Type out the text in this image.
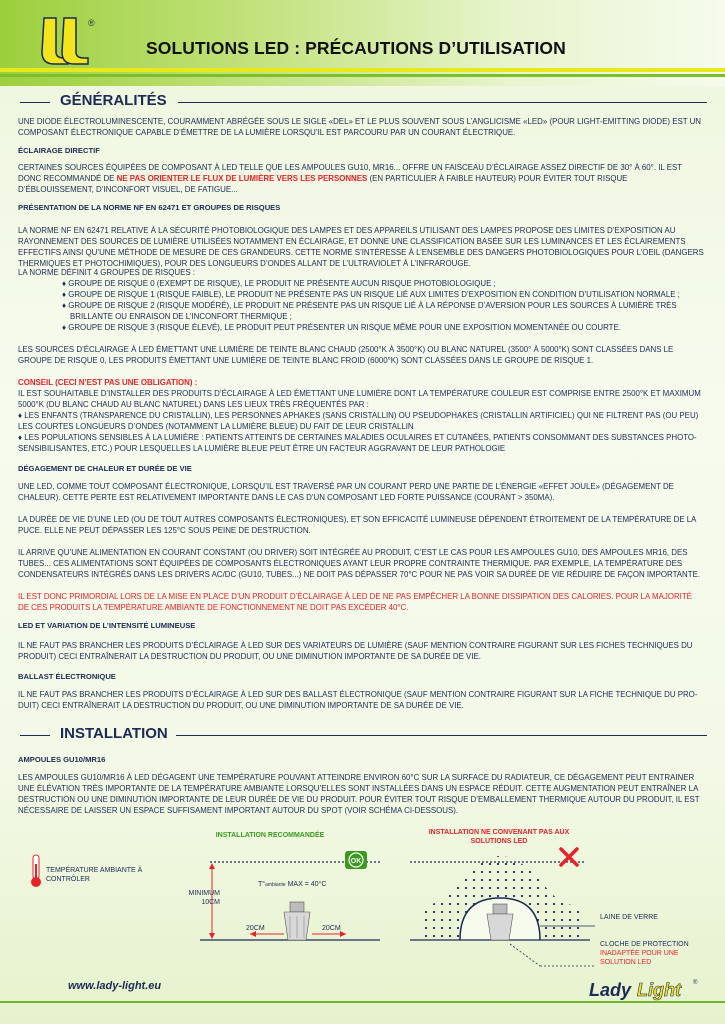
®
SOLUTIONS LED : PRÉCAUTIONS D’UTILISATION
GÉNÉRALITÉS
UNE DIODE ÉLECTROLUMINESCENTE, COURAMMENT ABRÉGÉE SOUS LE SIGLE «DEL» ET LE PLUS SOUVENT SOUS L’ANGLICISME «LED» (POUR LIGHT-EMITTING DIODE) EST UN COMPOSANT ÉLECTRONIQUE CAPABLE D’ÉMETTRE DE LA LUMIÈRE LORSQU’IL EST PARCOURU PAR UN COURANT ÉLECTRIQUE.
ÉCLAIRAGE DIRECTIF
CERTAINES SOURCES ÉQUIPÉES DE COMPOSANT À LED TELLE QUE LES AMPOULES GU10, MR16... OFFRE UN FAISCEAU D’ÉCLAIRAGE ASSEZ DIRECTIF DE 30° À 60°. IL EST DONC RECOMMANDÉ DE NE PAS ORIENTER LE FLUX DE LUMIÈRE VERS LES PERSONNES (EN PARTICULIER À FAIBLE HAUTEUR) POUR ÉVITER TOUT RISQUE D’ÉBLOUISSEMENT, D’INCONFORT VISUEL, DE FATIGUE...
PRÉSENTATION DE LA NORME NF EN 62471 ET GROUPES DE RISQUES
LA NORME NF EN 62471 RELATIVE À LA SÉCURITÉ PHOTOBIOLOGIQUE DES LAMPES ET DES APPAREILS UTILISANT DES LAMPES PROPOSE DES LIMITES D’EXPOSITION AU RAYONNEMENT DES SOURCES DE LUMIÈRE UTILISÉES NOTAMMENT EN ÉCLAIRAGE, ET DONNE UNE CLASSIFICATION BASÉE SUR LES LUMINANCES ET LES ÉCLAIREMENTS EFFECTIFS AINSI QU’UNE MÉTHODE DE MESURE DE CES GRANDEURS. CETTE NORME S’INTÉRESSE À L’ENSEMBLE DES DANGERS PHOTOBIOLOGIQUES POUR L’OEIL (DANGERS THERMIQUES ET PHOTOCHIMIQUES), POUR DES LONGUEURS D’ONDES ALLANT DE L’ULTRAVIOLET À L’INFRAROUGE.
LA NORME DÉFINIT 4 GROUPES DE RISQUES :
♦ GROUPE DE RISQUE 0 (EXEMPT DE RISQUE), LE PRODUIT NE PRÉSENTE AUCUN RISQUE PHOTOBIOLOGIQUE ;
♦ GROUPE DE RISQUE 1 (RISQUE FAIBLE), LE PRODUIT NE PRÉSENTE PAS UN RISQUE LIÉ AUX LIMITES D’EXPOSITION EN CONDITION D’UTILISATION NORMALE ;
♦ GROUPE DE RISQUE 2 (RISQUE MODÉRÉ), LE PRODUIT NE PRÉSENTE PAS UN RISQUE LIÉ À LA RÉPONSE D’AVERSION POUR LES SOURCES À LUMIÈRE TRÈS BRILLANTE OU ENRAISON DE L’INCONFORT THERMIQUE ;
♦ GROUPE DE RISQUE 3 (RISQUE ÉLEVÉ), LE PRODUIT PEUT PRÉSENTER UN RISQUE MÊME POUR UNE EXPOSITION MOMENTANÉE OU COURTE.
LES SOURCES D’ÉCLAIRAGE À LED ÉMETTANT UNE LUMIÈRE DE TEINTE BLANC CHAUD (2500°K À 3500°K) OU BLANC NATUREL (3500° À 5000°K) SONT CLASSÉES DANS LE GROUPE DE RISQUE 0, LES PRODUITS ÉMETTANT UNE LUMIÈRE DE TEINTE BLANC FROID (6000°K) SONT CLASSÉES DANS LE GROUPE DE RISQUE 1.
CONSEIL (CECI N’EST PAS UNE OBLIGATION) :
IL EST SOUHAITABLE D’INSTALLER DES PRODUITS D’ÉCLAIRAGE À LED ÉMETTANT UNE LUMIÈRE DONT LA TEMPÉRATURE COULEUR EST COMPRISE ENTRE 2500°K ET MAXIMUM 5000°K (DU BLANC CHAUD AU BLANC NATUREL) DANS LES LIEUX TRÈS FRÉQUENTÉS PAR :
♦ LES ENFANTS (TRANSPARENCE DU CRISTALLIN), LES PERSONNES APHAKES (SANS CRISTALLIN) OU PSEUDOPHAKES (CRISTALLIN ARTIFICIEL) QUI NE FILTRENT PAS (OU PEU) LES COURTES LONGUEURS D’ONDES (NOTAMMENT LA LUMIÈRE BLEUE) DU FAIT DE LEUR CRISTALLIN
♦ LES POPULATIONS SENSIBLES À LA LUMIÈRE : PATIENTS ATTEINTS DE CERTAINES MALADIES OCULAIRES ET CUTANÉES, PATIENTS CONSOMMANT DES SUBSTANCES PHOTO-SENSIBILISANTES, ETC.) POUR LESQUELLES LA LUMIÈRE BLEUE PEUT ÊTRE UN FACTEUR AGGRAVANT DE LEUR PATHOLOGIE
DÉGAGEMENT DE CHALEUR ET DURÉE DE VIE
UNE LED, COMME TOUT COMPOSANT ÉLECTRONIQUE, LORSQU’IL EST TRAVERSÉ PAR UN COURANT PERD UNE PARTIE DE L’ÉNERGIE «EFFET JOULE» (DÉGAGEMENT DE CHALEUR). CETTE PERTE EST RELATIVEMENT IMPORTANTE DANS LE CAS D’UN COMPOSANT LED FORTE PUISSANCE (COURANT > 350MA).
LA DURÉE DE VIE D’UNE LED (OU DE TOUT AUTRES COMPOSANTS ÉLECTRONIQUES), ET SON EFFICACITÉ LUMINEUSE DÉPENDENT ÉTROITEMENT DE LA TEMPÉRATURE DE LA PUCE. ELLE NE PEUT DÉPASSER LES 125°C SOUS PEINE DE DESTRUCTION.
IL ARRIVE QU’UNE ALIMENTATION EN COURANT CONSTANT (OU DRIVER) SOIT INTÉGRÉE AU PRODUIT, C’EST LE CAS POUR LES AMPOULES GU10, DES AMPOULES MR16, DES TUBES... CES ALIMENTATIONS SONT ÉQUIPÉES DE COMPOSANTS ÉLECTRONIQUES AYANT LEUR PROPRE CONTRAINTE THERMIQUE. PAR EXEMPLE, LA TEMPÉRATURE DES CONDENSATEURS INTÉGRÉS DANS LES DRIVERS AC/DC (GU10, TUBES...) NE DOIT PAS DÉPASSER 70°C POUR NE PAS VOIR SA DURÉE DE VIE RÉDUIRE DE FAÇON IMPORTANTE.
IL EST DONC PRIMORDIAL LORS DE LA MISE EN PLACE D’UN PRODUIT D’ÉCLAIRAGE À LED DE NE PAS EMPÊCHER LA BONNE DISSIPATION DES CALORIES. POUR LA MAJORITÉ DE CES PRODUITS LA TEMPÉRATURE AMBIANTE DE FONCTIONNEMENT NE DOIT PAS EXCÉDER 40°C.
LED ET VARIATION DE L’INTENSITÉ LUMINEUSE
IL NE FAUT PAS BRANCHER LES PRODUITS D’ÉCLAIRAGE À LED SUR DES VARIATEURS DE LUMIÈRE (SAUF MENTION CONTRAIRE FIGURANT SUR LES FICHES TECHNIQUES DU PRODUIT) CECI ENTRAÎNERAIT LA DESTRUCTION DU PRODUIT, OU UNE DIMINUTION IMPORTANTE DE SA DURÉE DE VIE.
BALLAST ÉLECTRONIQUE
IL NE FAUT PAS BRANCHER LES PRODUITS D’ÉCLAIRAGE À LED SUR DES BALLAST ÉLECTRONIQUE (SAUF MENTION CONTRAIRE FIGURANT SUR LA FICHE TECHNIQUE DU PRO-DUIT) CECI ENTRAÎNERAIT LA DESTRUCTION DU PRODUIT, OU UNE DIMINUTION IMPORTANTE DE SA DURÉE DE VIE.
INSTALLATION
AMPOULES GU10/MR16
LES AMPOULES GU10/MR16 À LED DÉGAGENT UNE TEMPÉRATURE POUVANT ATTEINDRE ENVIRON 60°C SUR LA SURFACE DU RADIATEUR, CE DÉGAGEMENT PEUT ENTRAINER UNE ÉLÉVATION TRÈS IMPORTANTE DE LA TEMPÉRATURE AMBIANTE LORSQU’ELLES SONT INSTALLÉES DANS UN ESPACE RÉDUIT. CETTE AUGMENTATION PEUT ENTRAÎNER LA DESTRUCTION OU UNE DIMINUTION IMPORTANTE DE LEUR DURÉE DE VIE DU PRODUIT. POUR ÉVITER TOUT RISQUE D’EMBALLEMENT THERMIQUE AUTOUR DU PRODUIT, IL EST NÉCESSAIRE DE LAISSER UN ESPACE SUFFISAMENT IMPORTANT AUTOUR DU SPOT (VOIR SCHÉMA CI-DESSOUS).
INSTALLATION RECOMMANDÉE	INSTALLATION NE CONVENANT PAS AUX SOLUTIONS LED
TEMPÉRATURE AMBIANTE À CONTRÔLER
OK
MINIMUM
10CM
T°ambiante MAX = 40°C
20CM	20CM
LAINE DE VERRE
CLOCHE DE PROTECTION
INADAPTÉE POUR UNE SOLUTION LED
www.lady-light.eu	Lady Light ®
